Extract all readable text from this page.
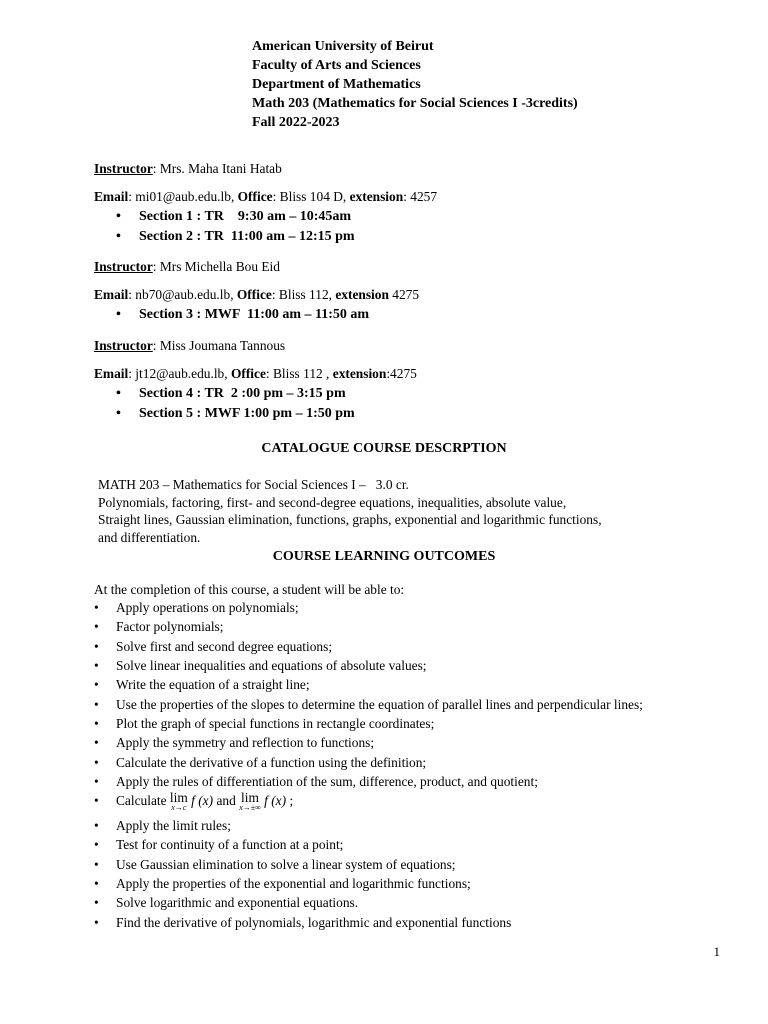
American University of Beirut
Faculty of Arts and Sciences
Department of Mathematics
Math 203 (Mathematics for Social Sciences I -3credits)
Fall 2022-2023
Instructor: Mrs. Maha Itani Hatab
Email: mi01@aub.edu.lb, Office: Bliss 104 D, extension: 4257
• Section 1 : TR    9:30 am – 10:45am
• Section 2 : TR  11:00 am – 12:15 pm
Instructor: Mrs Michella Bou Eid
Email: nb70@aub.edu.lb, Office: Bliss 112, extension 4275
• Section 3 : MWF  11:00 am – 11:50 am
Instructor: Miss Joumana Tannous
Email: jt12@aub.edu.lb, Office: Bliss 112 , extension:4275
• Section 4 : TR  2 :00 pm – 3:15 pm
• Section 5 : MWF 1:00 pm – 1:50 pm
CATALOGUE COURSE DESCRPTION
MATH 203 – Mathematics for Social Sciences I –   3.0 cr.
Polynomials, factoring, first- and second-degree equations, inequalities, absolute value,
Straight lines, Gaussian elimination, functions, graphs, exponential and logarithmic functions,
and differentiation.
COURSE LEARNING OUTCOMES
At the completion of this course, a student will be able to:
• Apply operations on polynomials;
• Factor polynomials;
• Solve first and second degree equations;
• Solve linear inequalities and equations of absolute values;
• Write the equation of a straight line;
• Use the properties of the slopes to determine the equation of parallel lines and perpendicular lines;
• Plot the graph of special functions in rectangle coordinates;
• Apply the symmetry and reflection to functions;
• Calculate the derivative of a function using the definition;
• Apply the rules of differentiation of the sum, difference, product, and quotient;
• Calculate lim
x→c f (x) and lim
x→±∞ f (x) ;
• Apply the limit rules;
• Test for continuity of a function at a point;
• Use Gaussian elimination to solve a linear system of equations;
• Apply the properties of the exponential and logarithmic functions;
• Solve logarithmic and exponential equations.
• Find the derivative of polynomials, logarithmic and exponential functions
1
